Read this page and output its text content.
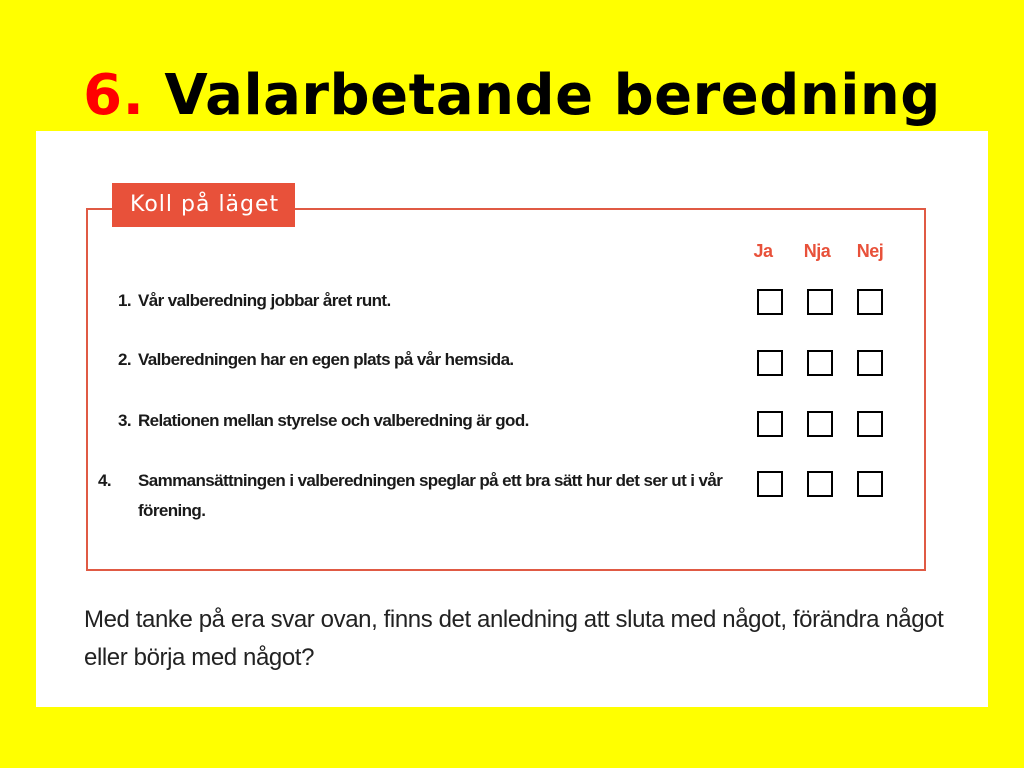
6. Valarbetande beredning
Koll på läget
Ja	Nja	Nej
1. Vår valberedning jobbar året runt.
2. Valberedningen har en egen plats på vår hemsida.
3. Relationen mellan styrelse och valberedning är god.
4. Sammansättningen i valberedningen speglar på ett bra sätt hur det ser ut i vår förening.
Med tanke på era svar ovan, finns det anledning att sluta med något, förändra något eller börja med något?
